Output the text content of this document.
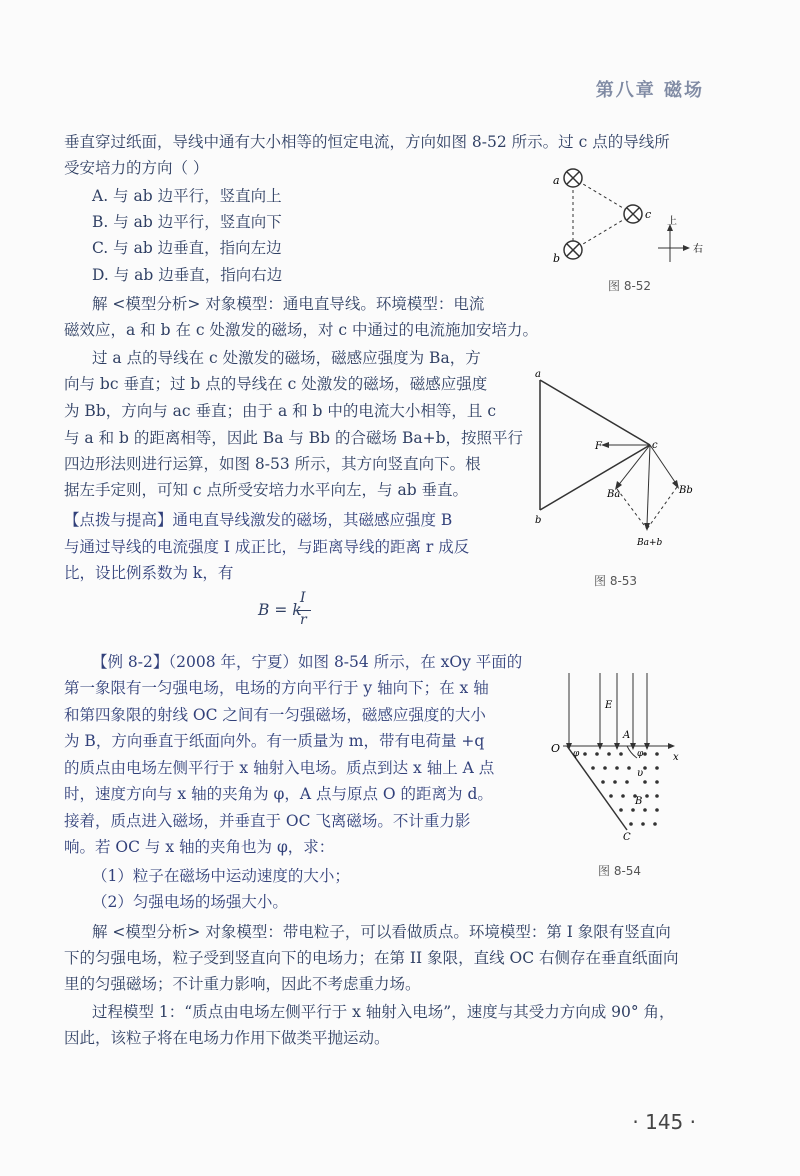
第八章 磁场
垂直穿过纸面，导线中通有大小相等的恒定电流，方向如图 8-52 所示。过 c 点的导线所
受安培力的方向（ ）
A. 与 ab 边平行，竖直向上
B. 与 ab 边平行，竖直向下
C. 与 ab 边垂直，指向左边
D. 与 ab 边垂直，指向右边
解 <模型分析> 对象模型：通电直导线。环境模型：电流
磁效应，a 和 b 在 c 处激发的磁场，对 c 中通过的电流施加安培力。
过 a 点的导线在 c 处激发的磁场，磁感应强度为 Ba，方
向与 bc 垂直；过 b 点的导线在 c 处激发的磁场，磁感应强度
为 Bb，方向与 ac 垂直；由于 a 和 b 中的电流大小相等，且 c
与 a 和 b 的距离相等，因此 Ba 与 Bb 的合磁场 Ba+b，按照平行
四边形法则进行运算，如图 8-53 所示，其方向竖直向下。根
据左手定则，可知 c 点所受安培力水平向左，与 ab 垂直。
【点拨与提高】通电直导线激发的磁场，其磁感应强度 B
与通过导线的电流强度 I 成正比，与距离导线的距离 r 成反
比，设比例系数为 k，有
B = k
I
r
【例 8-2】（2008 年，宁夏）如图 8-54 所示，在 xOy 平面的
第一象限有一匀强电场，电场的方向平行于 y 轴向下；在 x 轴
和第四象限的射线 OC 之间有一匀强磁场，磁感应强度的大小
为 B，方向垂直于纸面向外。有一质量为 m，带有电荷量 +q
的质点由电场左侧平行于 x 轴射入电场。质点到达 x 轴上 A 点
时，速度方向与 x 轴的夹角为 φ，A 点与原点 O 的距离为 d。
接着，质点进入磁场，并垂直于 OC 飞离磁场。不计重力影
响。若 OC 与 x 轴的夹角也为 φ，求：
（1）粒子在磁场中运动速度的大小；
（2）匀强电场的场强大小。
解 <模型分析> 对象模型：带电粒子，可以看做质点。环境模型：第 I 象限有竖直向
下的匀强电场，粒子受到竖直向下的电场力；在第 II 象限，直线 OC 右侧存在垂直纸面向
里的匀强磁场；不计重力影响，因此不考虑重力场。
过程模型 1：“质点由电场左侧平行于 x 轴射入电场”，速度与其受力方向成 90° 角，
因此，该粒子将在电场力作用下做类平抛运动。
a
b
c
上
右
图 8-52
a
b
c
F
Ba	Bb
Ba+b
图 8-53
O
E
A
x
υ
B
C
φ	φ
图 8-54
· 145 ·
